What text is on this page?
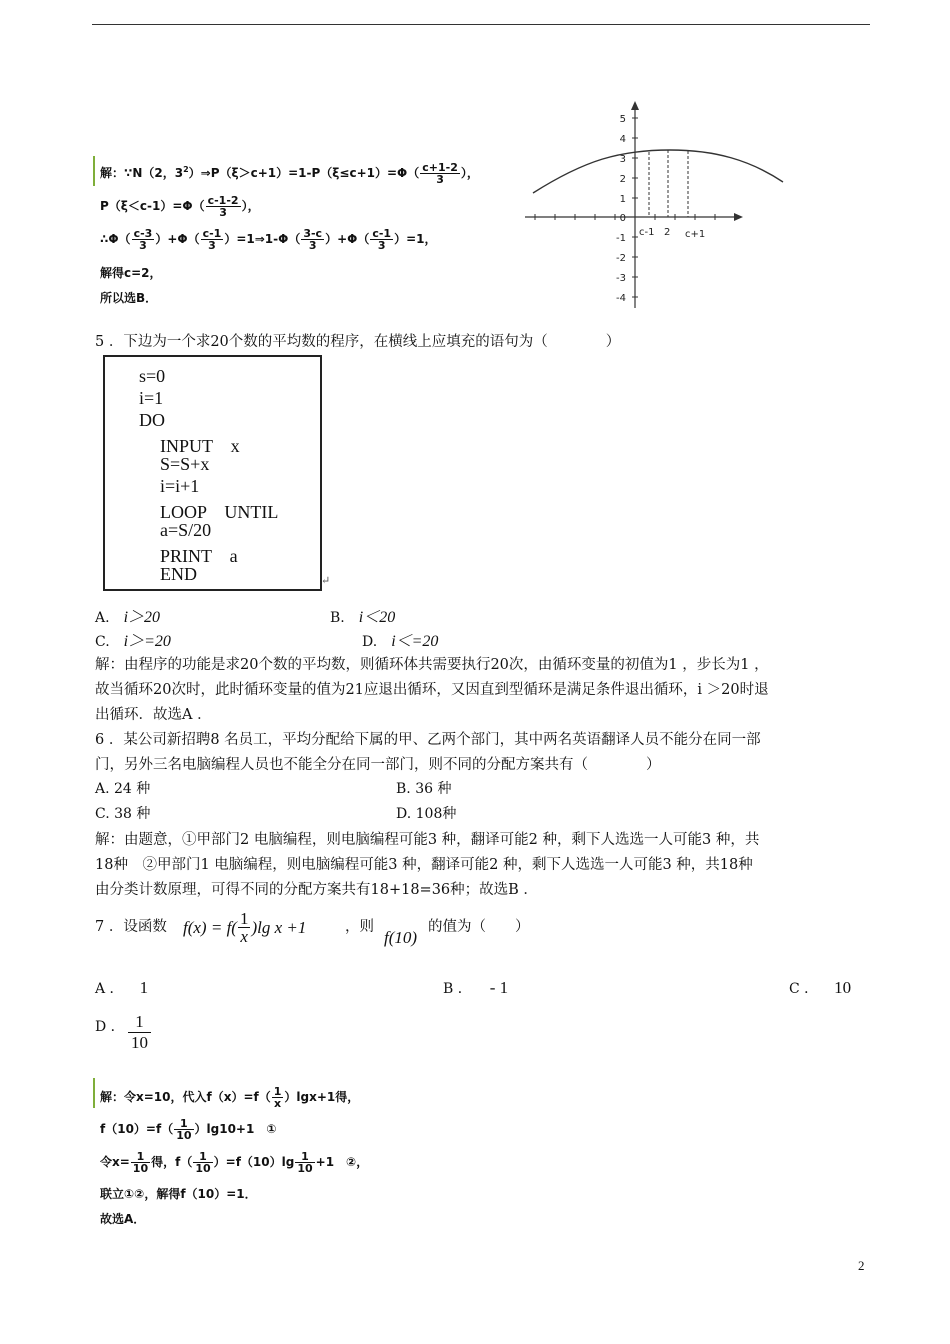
解：∵N（2，$3^2)\Rightarrow P(\xi>c+1)=1-P(\xi\le c+1)=\Phi( \frac{c+1-2}{3}$ ），
$P(\xi<c-1)=\Phi( \frac{c-1-2}{3}$ ），
∴Φ（ $\frac{c-3}{3} )+\Phi( \frac{c-1}{3}$ ）=1⇒1-Φ（ $\frac{3-c}{3} )+\Phi( \frac{c-1}{3} )=1$，
解得c=2，
所以选B．
5
4
3
2
1
0
-1
-2
-3
-4
c-1 2 c+1
5 ．下边为一个求20个数的平均数的程序，在横线上应填充的语句为（　　　　）
s=0
i=1
DO
INPUT　x
S=S+x
i=i+1
LOOP　UNTIL
a=S/20
PRINT　a
END	↵
A. i＞20	B. i＜20
C. i＞=20	D. i＜=20
解：由程序的功能是求20个数的平均数，则循环体共需要执行20次，由循环变量的初值为1 ，步长为1 ，
故当循环20次时，此时循环变量的值为21应退出循环，又因直到型循环是满足条件退出循环，i ＞20时退
出循环．故选A ．
6 ．某公司新招聘8 名员工，平均分配给下属的甲、乙两个部门，其中两名英语翻译人员不能分在同一部
门，另外三名电脑编程人员也不能全分在同一部门，则不同的分配方案共有（　　　　）
A. 24 种	B. 36 种
C. 38 种	D. 108种
解：由题意，①甲部门2 电脑编程，则电脑编程可能3 种，翻译可能2 种，剩下人选选一人可能3 种，共
18种　②甲部门1 电脑编程，则电脑编程可能3 种，翻译可能2 种，剩下人选选一人可能3 种，共18种
由分类计数原理，可得不同的分配方案共有18+18=36种；故选B ．
7 ．设函数 $f(x) = f( \frac{1}{x} )\lg$ x +1	，则
f(10)
的值为（　　）
A ． 1	B ． - 1	C ． 10
D ． 1
10
解：令x=10，代入$f(x)=f( \frac{1}{x} )\lg x+1$得，
$f(10)=f( \frac{1}{10} )\lg 10+1$　①
令$x= \frac{1}{10}$ 得，$f( \frac{1}{10} )=f(10)\lg \frac{1}{10} +1$　②，
联立①②，解得f（10）=1．
故选A．
2
